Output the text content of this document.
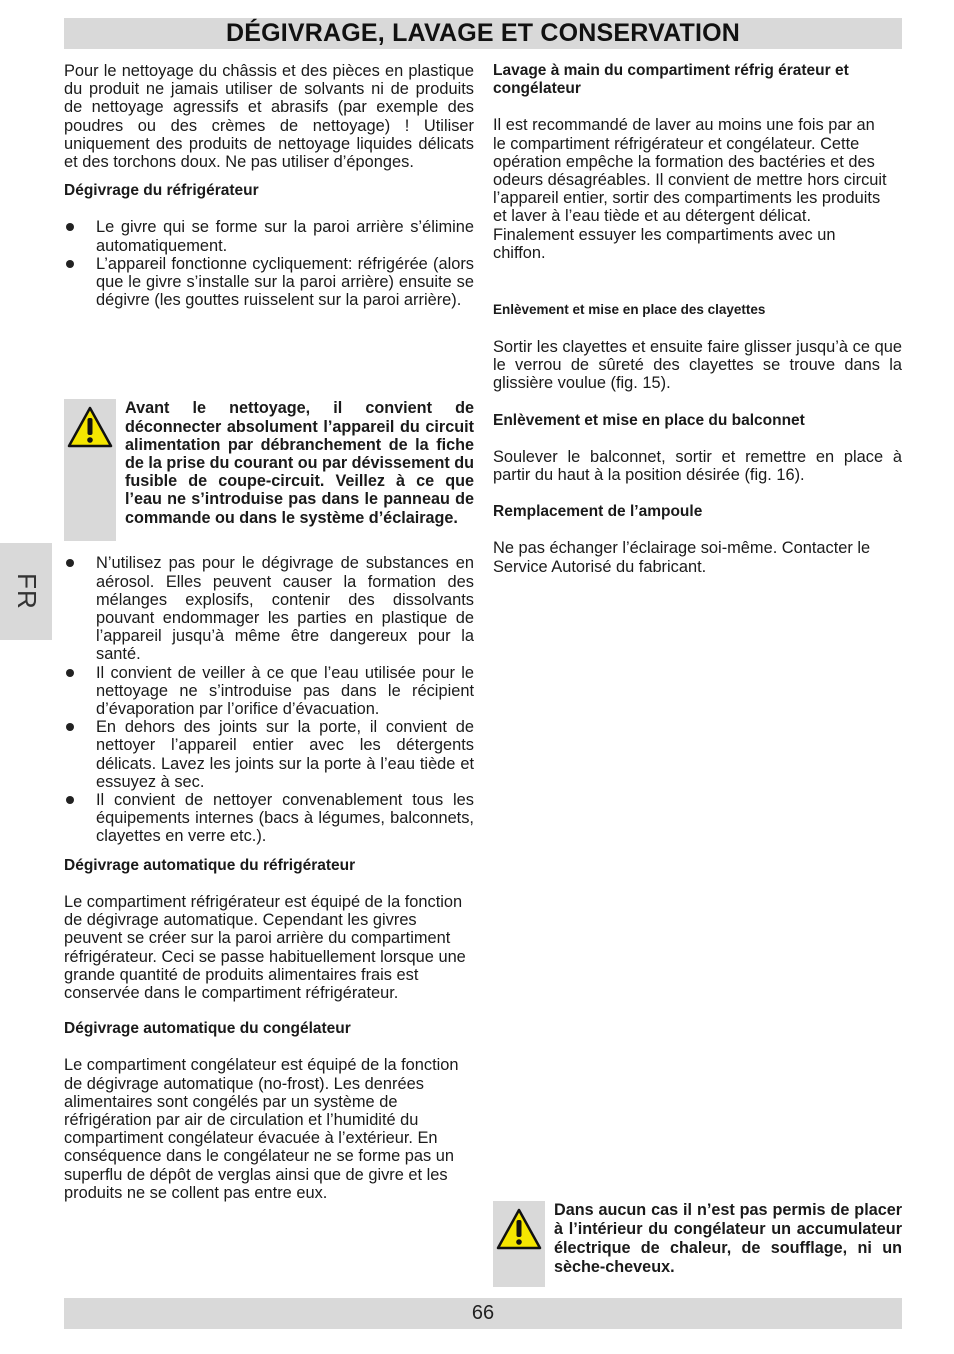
DÉGIVRAGE, LAVAGE ET CONSERVATION
FR

Pour le nettoyage du châssis et des pièces en plastique du produit ne jamais utiliser de solvants ni de produits de nettoyage agressifs et abrasifs (par exemple des poudres ou des crèmes de nettoyage) ! Utiliser uniquement des produits de nettoyage liquides délicats et des torchons doux. Ne pas utiliser d’éponges.

Dégivrage du réfrigérateur
Le givre qui se forme sur la paroi arrière s’élimine automatiquement.
L’appareil fonctionne cycliquement: réfrigérée (alors que le givre s’installe sur la paroi arrière) ensuite se dégivre (les gouttes ruisselent sur la paroi arrière).
Avant le nettoyage, il convient de déconnecter absolument l’appareil du circuit alimentation par débranchement de la fiche de la prise du courant ou par dévissement du fusible de coupe-circuit. Veillez à ce que l’eau ne s’introduise pas dans le panneau de commande ou dans le système d’éclairage.
N’utilisez pas pour le dégivrage de substances en aérosol. Elles peuvent causer la formation des mélanges explosifs, contenir des dissolvants pouvant endommager les parties en plastique de l’appareil jusqu’à même être dangereux pour la santé.
Il convient de veiller à ce que l’eau utilisée pour le nettoyage ne s’introduise pas dans le récipient d’évaporation par l’orifice d’évacuation.
En dehors des joints sur la porte, il convient de nettoyer l’appareil entier avec les détergents délicats. Lavez les joints sur la porte à l’eau tiède et essuyez à sec.
Il convient de nettoyer convenablement tous les équipements internes (bacs à légumes, balconnets, clayettes en verre etc.).
Dégivrage automatique du réfrigérateur

Le compartiment réfrigérateur est équipé de la fonction de dégivrage automatique. Cependant les givres peuvent se créer sur la paroi arrière du compartiment réfrigérateur. Ceci se passe habituellement lorsque une grande quantité de produits alimentaires frais est conservée dans le compartiment réfrigérateur.

Dégivrage automatique du congélateur

Le compartiment congélateur est équipé de la fonction de dégivrage automatique (no-frost). Les denrées alimentaires sont congélés par un système de réfrigération par air de circulation et l’humidité du compartiment congélateur évacuée à l’extérieur. En conséquence dans le congélateur ne se forme pas un superflu de dépôt de verglas ainsi que de givre et les produits ne se collent pas entre eux.

Lavage à main du compartiment réfrig érateur et congélateur

Il est recommandé de laver au moins une fois par an le compartiment réfrigérateur et congélateur. Cette opération empêche la formation des bactéries et des odeurs désagréables. Il convient de mettre hors circuit l’appareil entier, sortir des compartiments les produits et laver à l’eau tiède et au détergent délicat. Finalement essuyer les compartiments avec un chiffon.

Enlèvement et mise en place des clayettes

Sortir les clayettes et ensuite faire glisser jusqu’à ce que le verrou de sûreté des clayettes se trouve dans la glissière voulue (fig. 15).

Enlèvement et mise en place du balconnet

Soulever le balconnet, sortir et remettre en place à partir du haut à la position désirée (fig. 16).

Remplacement de l’ampoule

Ne pas échanger l’éclairage soi-même. Contacter le Service Autorisé du fabricant.

Dans aucun cas il n’est pas permis de placer à l’intérieur du congélateur un accumulateur électrique de chaleur, de soufflage, ni un sèche-cheveux.
66
